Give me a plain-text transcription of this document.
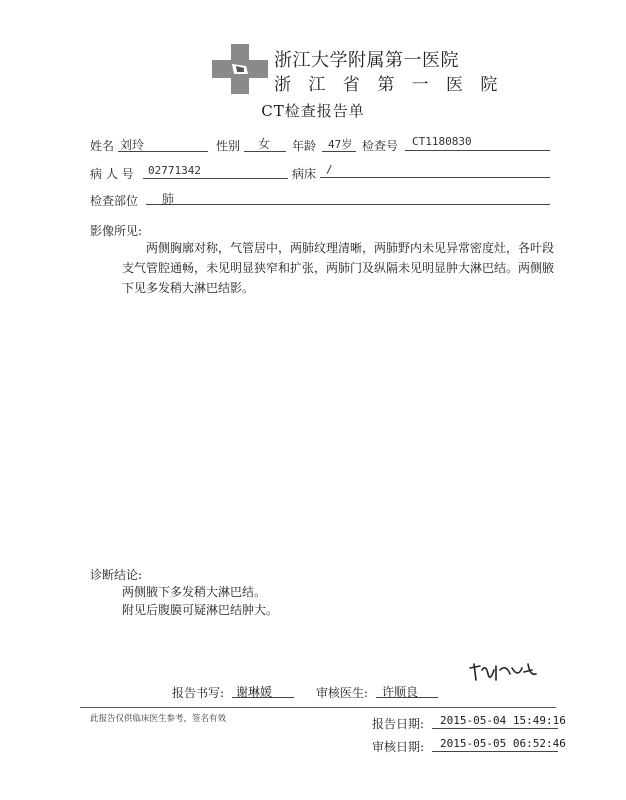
浙江大学附属第一医院
浙 江 省 第 一 医 院
CT检查报告单
姓名 刘玲	性别 女 年龄 47岁 检查号 CT1180830
病 人 号 02771342	病床 /
检查部位 肺
影像所见:
两侧胸廓对称，气管居中，两肺纹理清晰，两肺野内未见异常密度灶，各叶段支气管腔通畅，未见明显狭窄和扩张，两肺门及纵隔未见明显肿大淋巴结。两侧腋下见多发稍大淋巴结影。
诊断结论:
两侧腋下多发稍大淋巴结。
附见后腹膜可疑淋巴结肿大。
报告书写: 谢琳媛	审核医生: 许顺良
此报告仅供临床医生参考，签名有效	报告日期: 2015-05-04 15:49:16
审核日期: 2015-05-05 06:52:46
